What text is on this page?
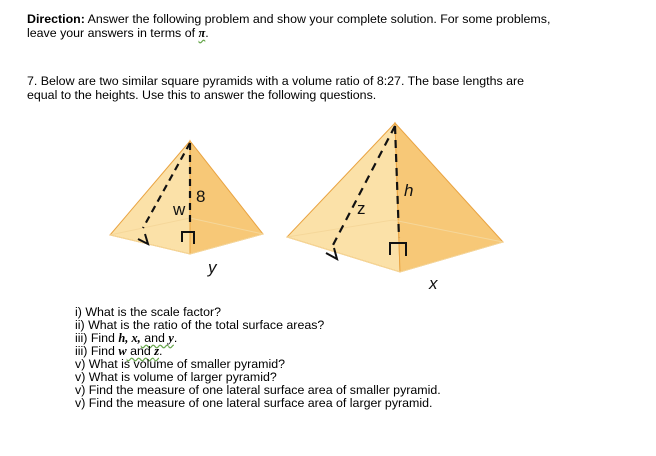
Direction: Answer the following problem and show your complete solution. For some problems,
leave your answers in terms of π.
7. Below are two similar square pyramids with a volume ratio of 8:27. The base lengths are
equal to the heights. Use this to answer the following questions.
w
8
y
z
h
x
i) What is the scale factor?
ii) What is the ratio of the total surface areas?
iii) Find h, x, and y.
iii) Find w and z.
v) What is volume of smaller pyramid?
v) What is volume of larger pyramid?
v) Find the measure of one lateral surface area of smaller pyramid.
v) Find the measure of one lateral surface area of larger pyramid.
